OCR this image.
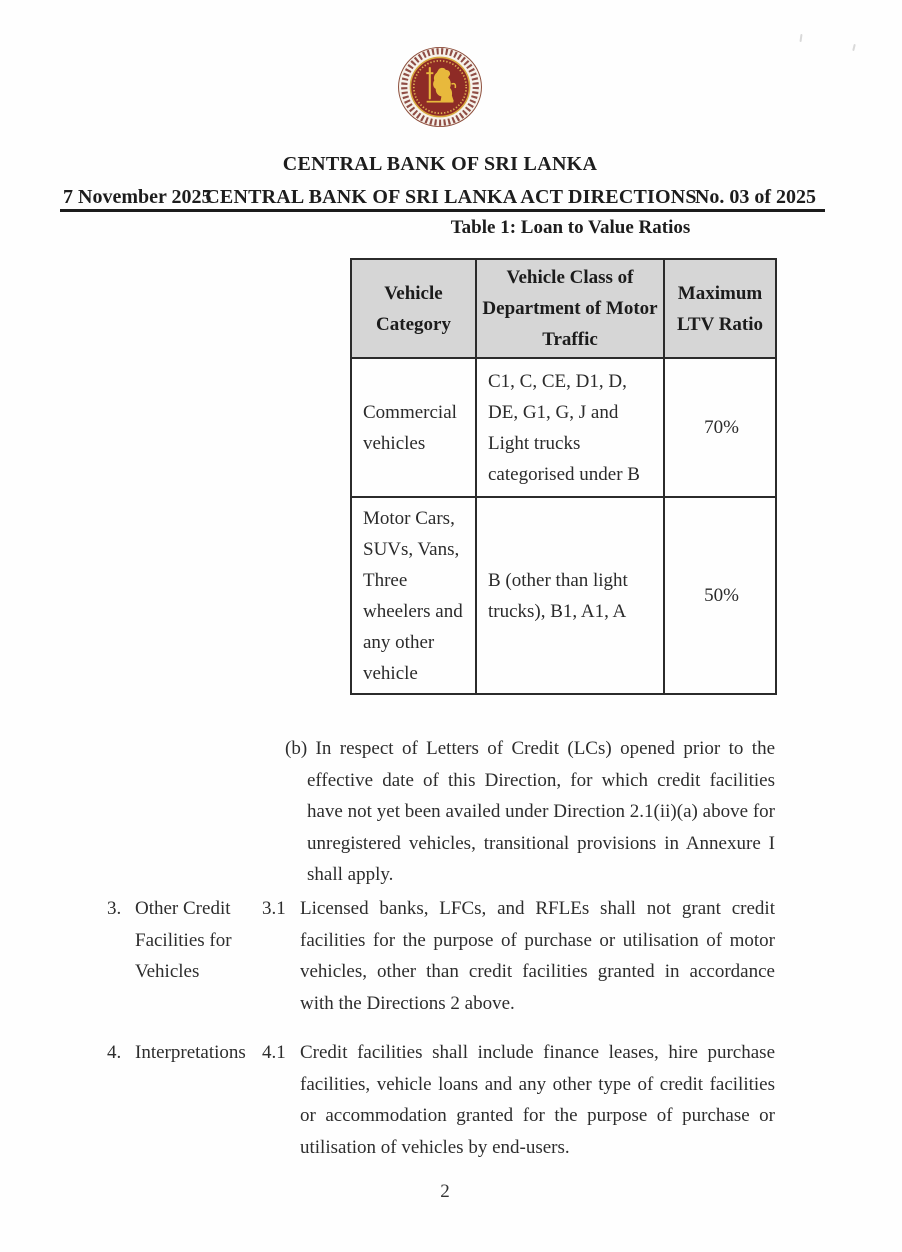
CENTRAL BANK OF SRI LANKA
7 November 2025
CENTRAL BANK OF SRI LANKA ACT DIRECTIONS
No. 03 of 2025
Table 1: Loan to Value Ratios
Vehicle Category	Vehicle Class of Department of Motor Traffic	Maximum LTV Ratio
Commercial vehicles	C1, C, CE, D1, D, DE, G1, G, J and Light trucks categorised under B	70%
Motor Cars, SUVs, Vans, Three wheelers and any other vehicle	B (other than light trucks), B1, A1, A	50%

(b) In respect of Letters of Credit (LCs) opened prior to the effective date of this Direction, for which credit facilities have not yet been availed under Direction 2.1(ii)(a) above for unregistered vehicles, transitional provisions in Annexure I shall apply.

3. Other Credit Facilities for Vehicles
3.1 Licensed banks, LFCs, and RFLEs shall not grant credit facilities for the purpose of purchase or utilisation of motor vehicles, other than credit facilities granted in accordance with the Directions 2 above.
4. Interpretations 4.1 Credit facilities shall include finance leases, hire purchase facilities, vehicle loans and any other type of credit facilities or accommodation granted for the purpose of purchase or utilisation of vehicles by end-users.
2
